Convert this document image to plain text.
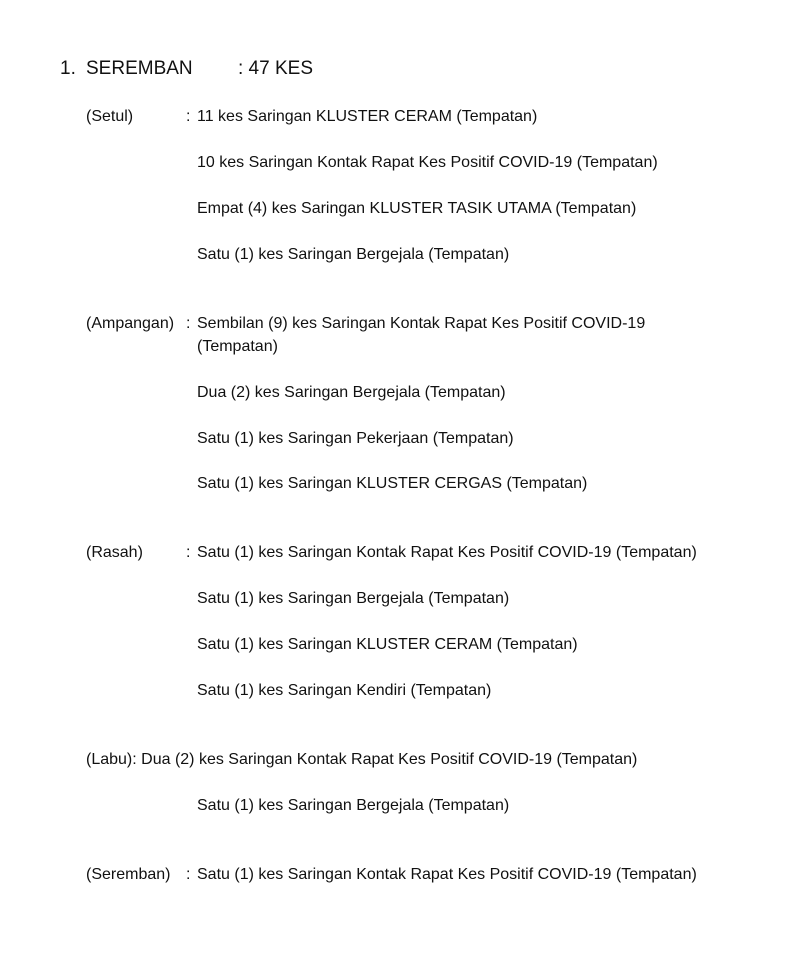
1. SEREMBAN : 47 KES
(Setul)	: 11 kes Saringan KLUSTER CERAM (Tempatan)
10 kes Saringan Kontak Rapat Kes Positif COVID-19 (Tempatan)
Empat (4) kes Saringan KLUSTER TASIK UTAMA (Tempatan)
Satu (1) kes Saringan Bergejala (Tempatan)
(Ampangan) : Sembilan (9) kes Saringan Kontak Rapat Kes Positif COVID-19
(Tempatan)
Dua (2) kes Saringan Bergejala (Tempatan)
Satu (1) kes Saringan Pekerjaan (Tempatan)
Satu (1) kes Saringan KLUSTER CERGAS (Tempatan)
(Rasah)	: Satu (1) kes Saringan Kontak Rapat Kes Positif COVID-19 (Tempatan)
Satu (1) kes Saringan Bergejala (Tempatan)
Satu (1) kes Saringan KLUSTER CERAM (Tempatan)
Satu (1) kes Saringan Kendiri (Tempatan)
(Labu): Dua (2) kes Saringan Kontak Rapat Kes Positif COVID-19 (Tempatan)
Satu (1) kes Saringan Bergejala (Tempatan)
(Seremban) : Satu (1) kes Saringan Kontak Rapat Kes Positif COVID-19 (Tempatan)
